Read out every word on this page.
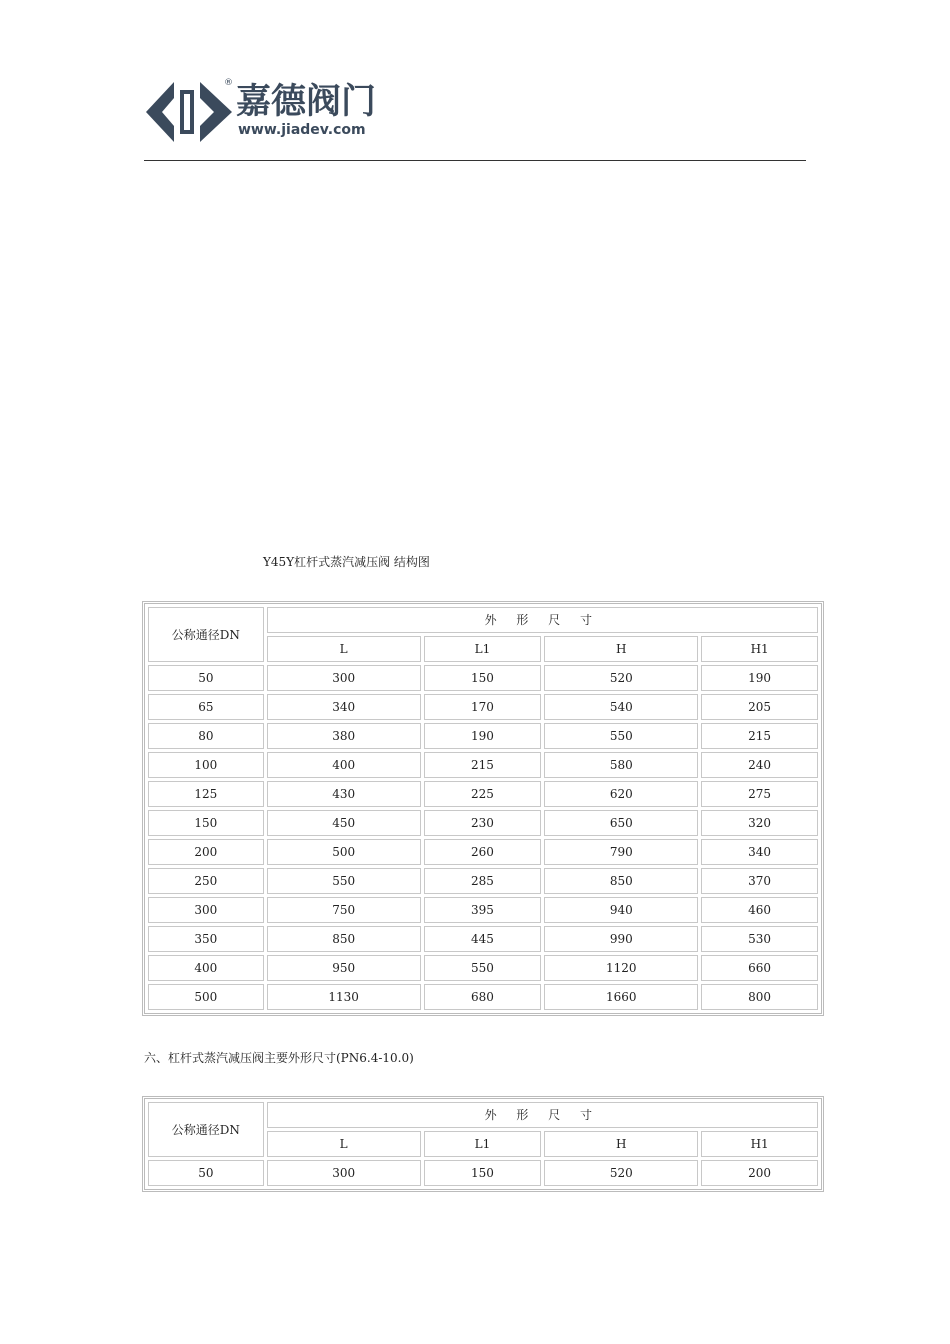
® 嘉德阀门
www.jiadev.com
Y45Y杠杆式蒸汽减压阀 结构图
公称通径DN	外 形 尺 寸			
	L	L1	H	H1
50	300	150	520	190
65	340	170	540	205
80	380	190	550	215
100	400	215	580	240
125	430	225	620	275
150	450	230	650	320
200	500	260	790	340
250	550	285	850	370
300	750	395	940	460
350	850	445	990	530
400	950	550	1120	660
500	1130	680	1660	800
六、杠杆式蒸汽减压阀主要外形尺寸(PN6.4-10.0)
公称通径DN	外 形 尺 寸			
	L	L1	H	H1
50	300	150	520	200
